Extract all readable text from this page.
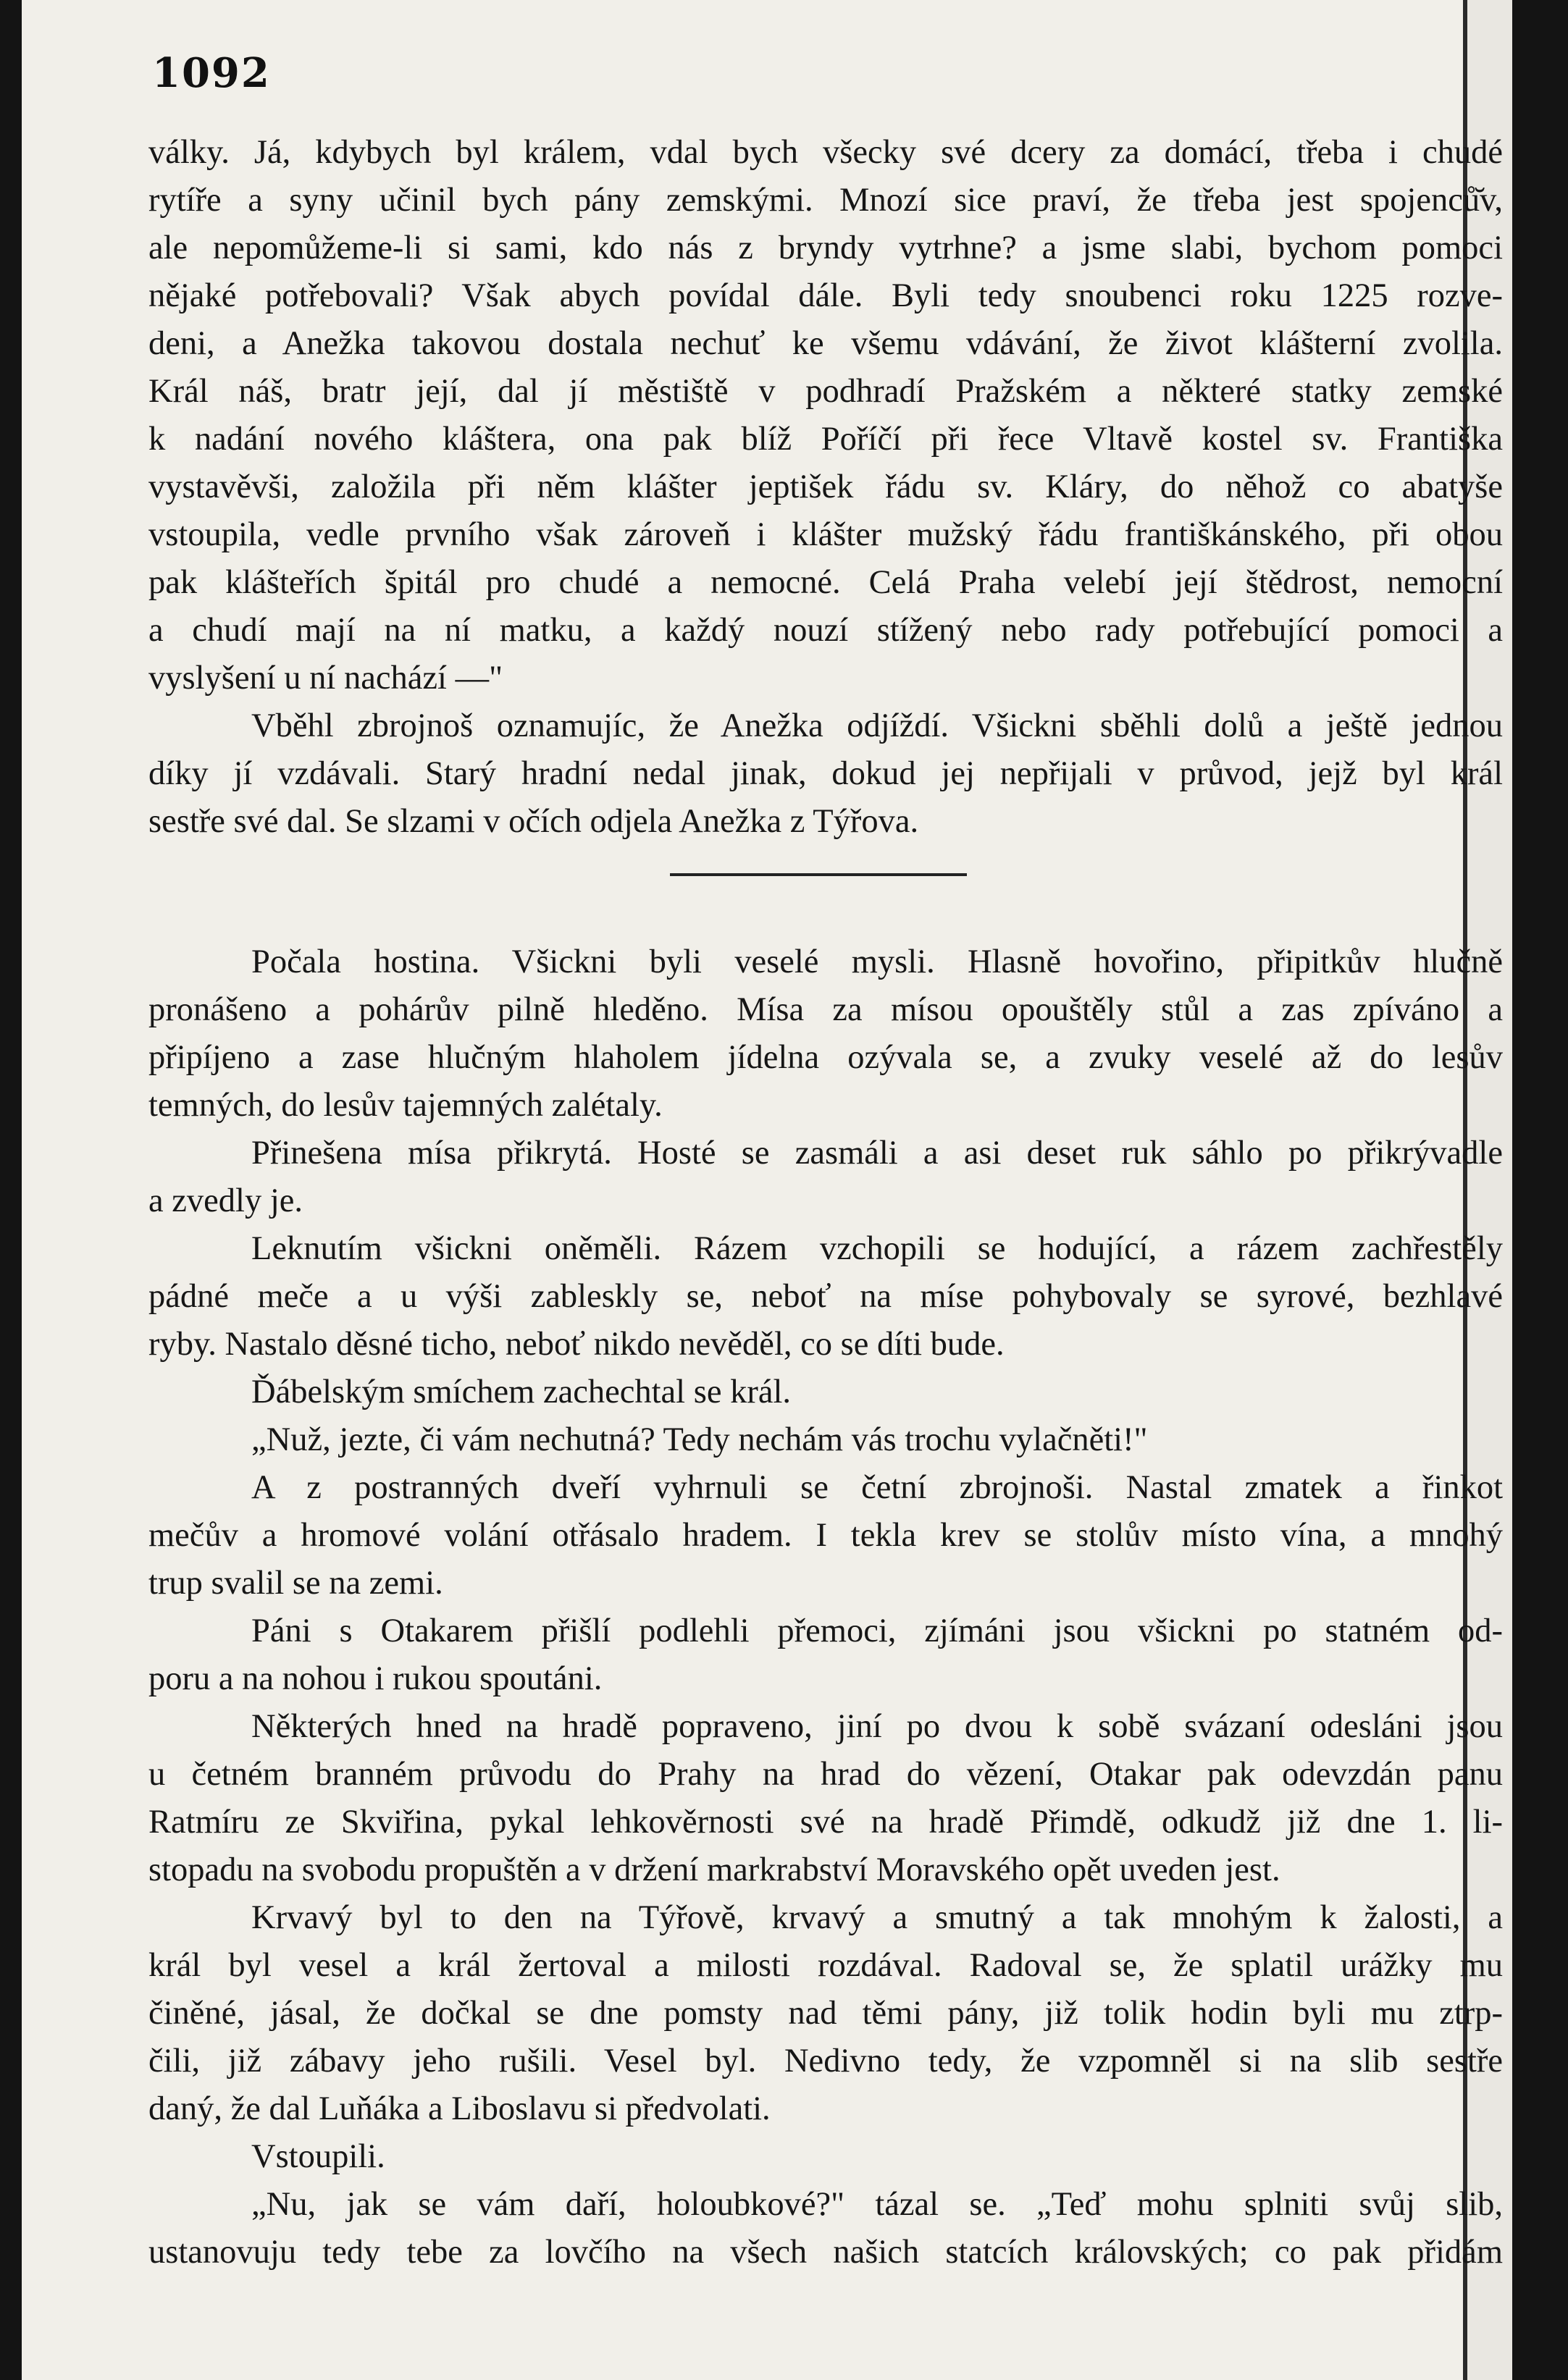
1092
války. Já, kdybych byl králem, vdal bych všecky své dcery za domácí, třeba i chudé
rytíře a syny učinil bych pány zemskými. Mnozí sice praví, že třeba jest spojenců̆v,
ale nepomůžeme-li si sami, kdo nás z bryndy vytrhne? a jsme slabi, bychom pomoci
nějaké potřebovali? Však abych povídal dále. Byli tedy snoubenci roku 1225 rozve-
deni, a Anežka takovou dostala nechuť ke všemu vdávání, že život klášterní zvolila.
Král náš, bratr její, dal jí městiště v podhradí Pražském a některé statky zemské
k nadání nového kláštera, ona pak blíž Poříčí při řece Vltavě kostel sv. Františka
vystavěvši, založila při něm klášter jeptišek řádu sv. Kláry, do něhož co abatyše
vstoupila, vedle prvního však zároveň i klášter mužský řádu františkánského, při obou
pak klášteřích špitál pro chudé a nemocné. Celá Praha velebí její štědrost, nemocní
a chudí mají na ní matku, a každý nouzí stížený nebo rady potřebující pomoci a
vyslyšení u ní nachází —"
Vběhl zbrojnoš oznamujíc, že Anežka odjíždí. Všickni sběhli dolů a ještě jednou
díky jí vzdávali. Starý hradní nedal jinak, dokud jej nepřijali v průvod, jejž byl král
sestře své dal. Se slzami v očích odjela Anežka z Týřova.
Počala hostina. Všickni byli veselé mysli. Hlasně hovořino, připitkův hlučně
pronášeno a pohárův pilně hleděno. Mísa za mísou opouštěly stůl a zas zpíváno a
připíjeno a zase hlučným hlaholem jídelna ozývala se, a zvuky veselé až do lesův
temných, do lesův tajemných zalétaly.
Přinešena mísa přikrytá. Hosté se zasmáli a asi deset ruk sáhlo po přikrývadle
a zvedly je.
Leknutím všickni oněměli. Rázem vzchopili se hodující, a rázem zachřestěly
pádné meče a u výši zableskly se, neboť na míse pohybovaly se syrové, bezhlavé
ryby. Nastalo děsné ticho, neboť nikdo nevěděl, co se díti bude.
Ďábelským smíchem zachechtal se král.
„Nuž, jezte, či vám nechutná? Tedy nechám vás trochu vylačněti!"
A z postranných dveří vyhrnuli se četní zbrojnoši. Nastal zmatek a řinkot
mečův a hromové volání otřásalo hradem. I tekla krev se stolův místo vína, a mnohý
trup svalil se na zemi.
Páni s Otakarem přišlí podlehli přemoci, zjímáni jsou všickni po statném od-
poru a na nohou i rukou spoutáni.
Některých hned na hradě popraveno, jiní po dvou k sobě svázaní odesláni jsou
u četném branném průvodu do Prahy na hrad do vězení, Otakar pak odevzdán panu
Ratmíru ze Skviřina, pykal lehkověrnosti své na hradě Přimdě, odkudž již dne 1. li-
stopadu na svobodu propuštěn a v držení markrabství Moravského opět uveden jest.
Krvavý byl to den na Týřově, krvavý a smutný a tak mnohým k žalosti, a
král byl vesel a král žertoval a milosti rozdával. Radoval se, že splatil urážky mu
činěné, jásal, že dočkal se dne pomsty nad těmi pány, již tolik hodin byli mu ztrp-
čili, již zábavy jeho rušili. Vesel byl. Nedivno tedy, že vzpomněl si na slib sestře
daný, že dal Luňáka a Liboslavu si předvolati.
Vstoupili.
„Nu, jak se vám daří, holoubkové?" tázal se. „Teď mohu splniti svůj slib,
ustanovuju tedy tebe za lovčího na všech našich statcích královských; co pak přidám
